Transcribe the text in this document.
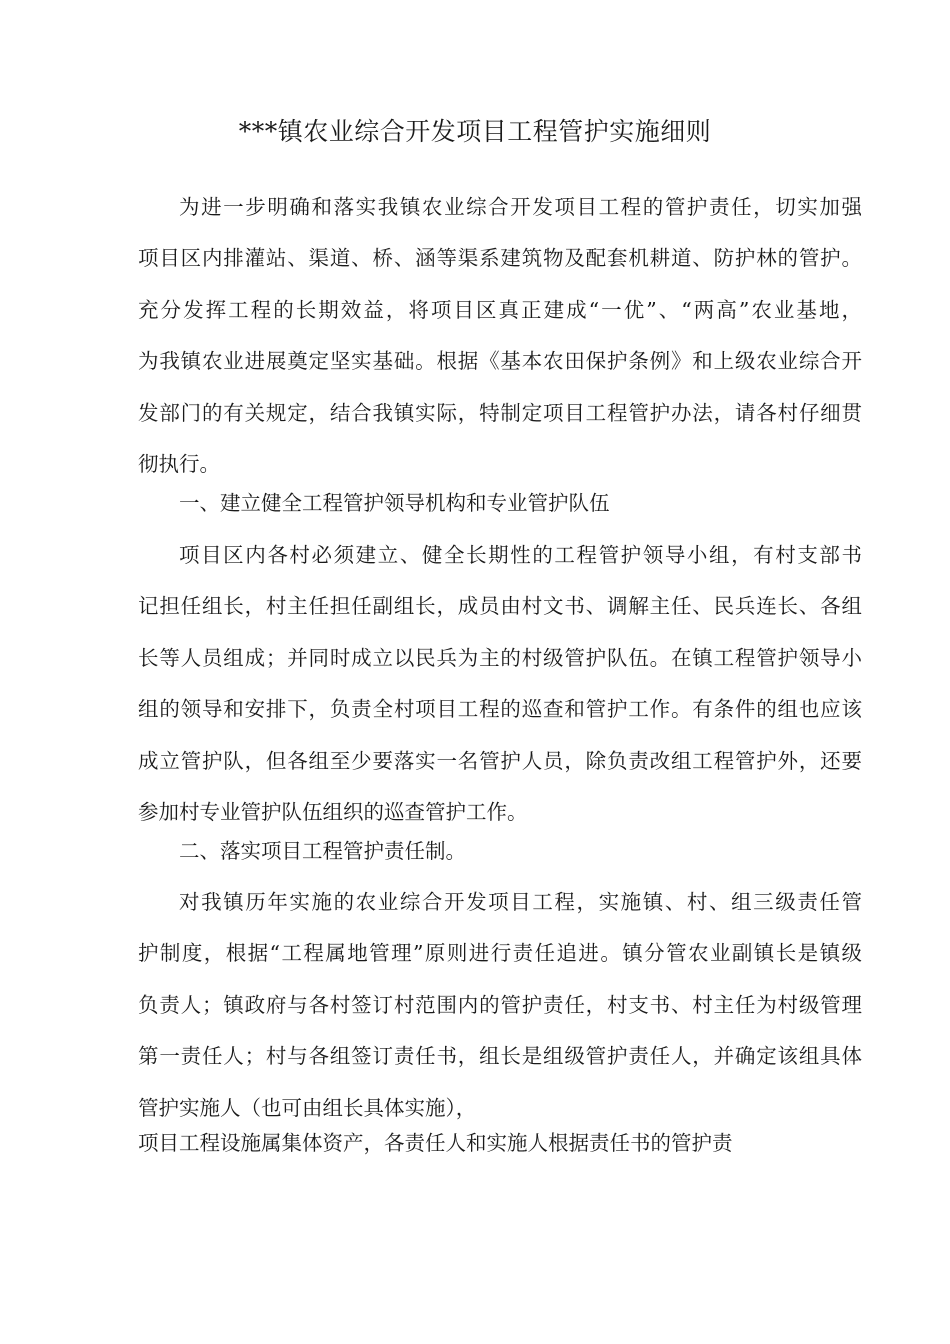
***镇农业综合开发项目工程管护实施细则
为进一步明确和落实我镇农业综合开发项目工程的管护责任，切实加强
项目区内排灌站、渠道、桥、涵等渠系建筑物及配套机耕道、防护林的管护。
充分发挥工程的长期效益，将项目区真正建成“一优”、“两高”农业基地，
为我镇农业进展奠定坚实基础。根据《基本农田保护条例》和上级农业综合开
发部门的有关规定，结合我镇实际，特制定项目工程管护办法，请各村仔细贯
彻执行。
一、建立健全工程管护领导机构和专业管护队伍
项目区内各村必须建立、健全长期性的工程管护领导小组，有村支部书
记担任组长，村主任担任副组长，成员由村文书、调解主任、民兵连长、各组
长等人员组成；并同时成立以民兵为主的村级管护队伍。在镇工程管护领导小
组的领导和安排下，负责全村项目工程的巡查和管护工作。有条件的组也应该
成立管护队，但各组至少要落实一名管护人员，除负责改组工程管护外，还要
参加村专业管护队伍组织的巡查管护工作。
二、落实项目工程管护责任制。
对我镇历年实施的农业综合开发项目工程，实施镇、村、组三级责任管
护制度，根据“工程属地管理”原则进行责任追进。镇分管农业副镇长是镇级
负责人；镇政府与各村签订村范围内的管护责任，村支书、村主任为村级管理
第一责任人；村与各组签订责任书，组长是组级管护责任人，并确定该组具体
管护实施人（也可由组长具体实施），
项目工程设施属集体资产，各责任人和实施人根据责任书的管护责
